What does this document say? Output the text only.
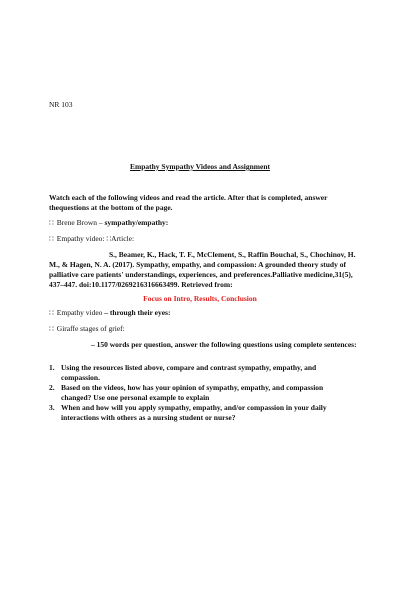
NR 103

Empathy Sympathy Videos and Assignment

Watch each of the following videos and read the article. After that is completed, answer thequestions at the bottom of the page.

∷ Brene Brown – sympathy/empathy:

∷ Empathy video: ∷Article:

S., Beamer, K., Hack, T. F., McClement, S., Raffin Bouchal, S., Chochinov, H. M., & Hagen, N. A. (2017). Sympathy, empathy, and compassion: A grounded theory study of palliative care patients' understandings, experiences, and preferences.Palliative medicine,31(5), 437–447. doi:10.1177/0269216316663499. Retrieved from:

Focus on Intro, Results, Conclusion

∷ Empathy video – through their eyes:

∷ Giraffe stages of grief:

– 150 words per question, answer the following questions using complete sentences:

1. Using the resources listed above, compare and contrast sympathy, empathy, and compassion.
2. Based on the videos, how has your opinion of sympathy, empathy, and compassion changed? Use one personal example to explain
3. When and how will you apply sympathy, empathy, and/or compassion in your daily interactions with others as a nursing student or nurse?
